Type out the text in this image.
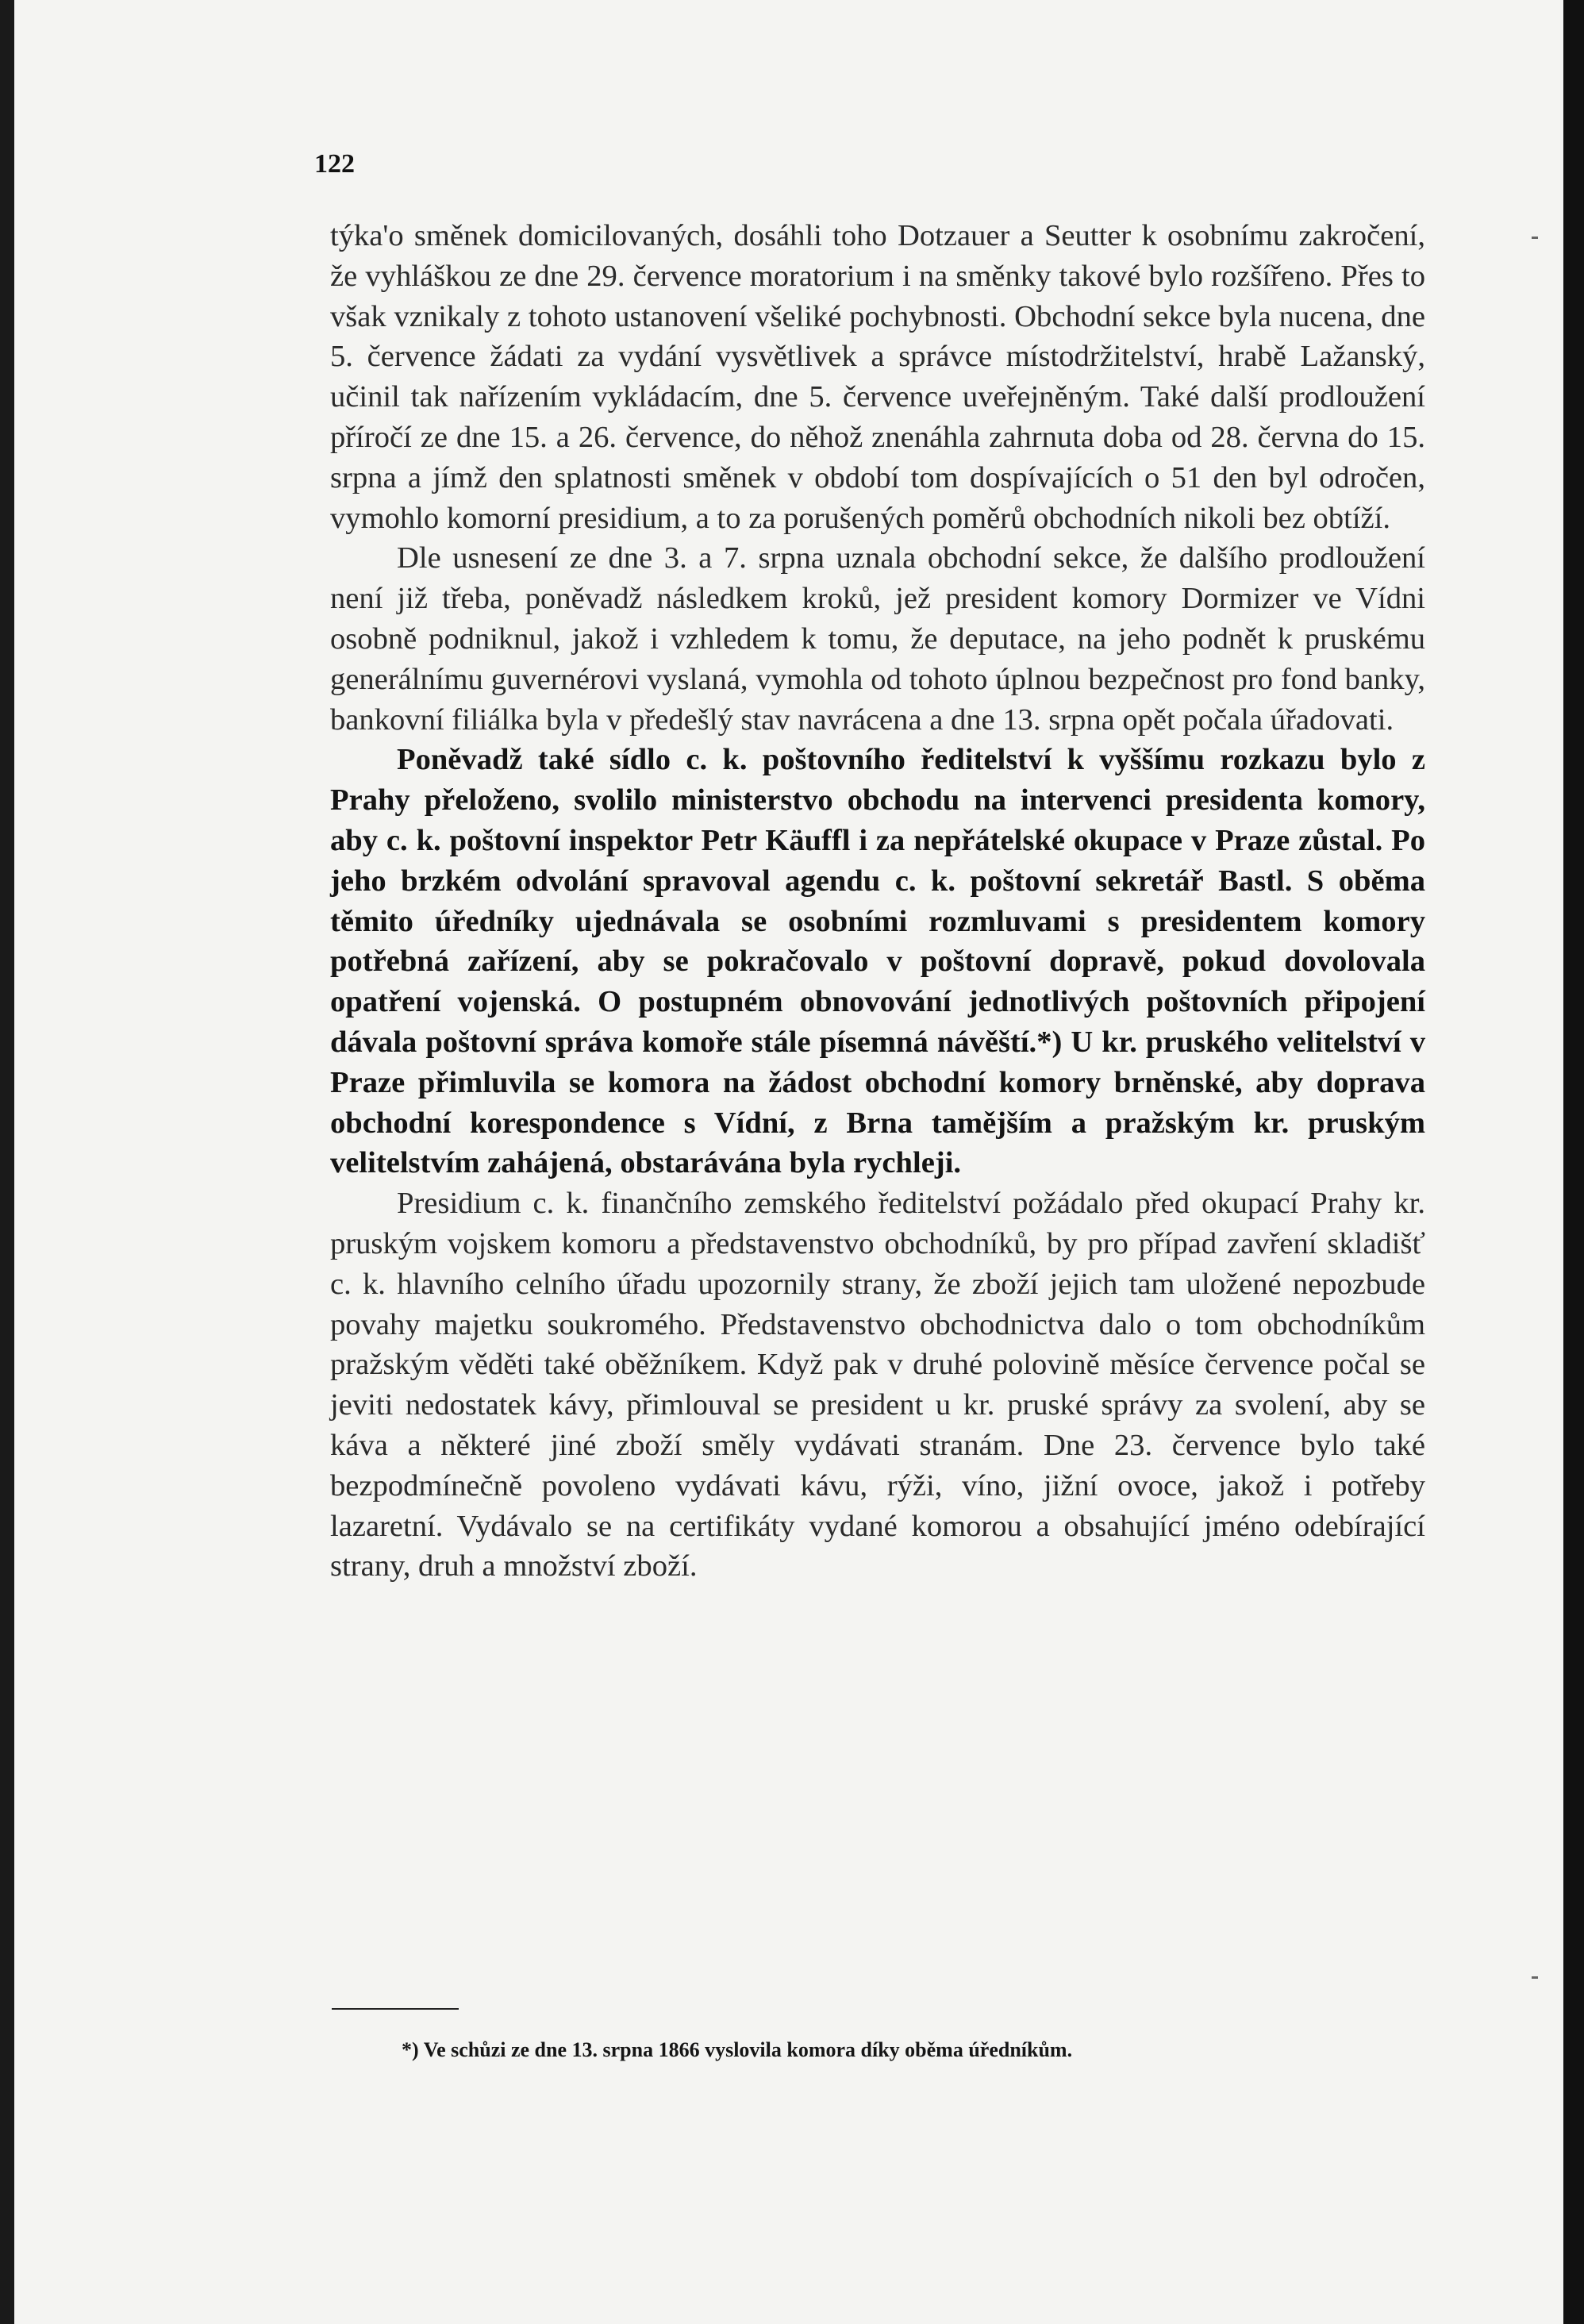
122

týka'o směnek domicilovaných, dosáhli toho Dotzauer a Seutter k osobnímu zakročení, že vyhláškou ze dne 29. července moratorium i na směnky takové bylo rozšířeno. Přes to však vznikaly z tohoto ustanovení všeliké pochybnosti. Obchodní sekce byla nucena, dne 5. července žádati za vydání vysvětlivek a správce místodržitelství, hrabě Lažanský, učinil tak nařízením vykládacím, dne 5. července uveřejněným. Také další prodloužení příročí ze dne 15. a 26. července, do něhož znenáhla zahrnuta doba od 28. června do 15. srpna a jímž den splatnosti směnek v období tom dospívajících o 51 den byl odročen, vymohlo komorní presidium, a to za porušených poměrů obchodních nikoli bez obtíží.

Dle usnesení ze dne 3. a 7. srpna uznala obchodní sekce, že dalšího prodloužení není již třeba, poněvadž následkem kroků, jež president komory Dormizer ve Vídni osobně podniknul, jakož i vzhledem k tomu, že deputace, na jeho podnět k pruskému generálnímu guvernérovi vyslaná, vymohla od tohoto úplnou bezpečnost pro fond banky, bankovní filiálka byla v předešlý stav navrácena a dne 13. srpna opět počala úřadovati.

Poněvadž také sídlo c. k. poštovního ředitelství k vyššímu rozkazu bylo z Prahy přeloženo, svolilo ministerstvo obchodu na intervenci presidenta komory, aby c. k. poštovní inspektor Petr Käuffl i za nepřátelské okupace v Praze zůstal. Po jeho brzkém odvolání spravoval agendu c. k. poštovní sekretář Bastl. S oběma těmito úředníky ujednávala se osobními rozmluvami s presidentem komory potřebná zařízení, aby se pokračovalo v poštovní dopravě, pokud dovolovala opatření vojenská. O postupném obnovování jednotlivých poštovních připojení dávala poštovní správa komoře stále písemná návěští.*) U kr. pruského velitelství v Praze přimluvila se komora na žádost obchodní komory brněnské, aby doprava obchodní korespondence s Vídní, z Brna tamějším a pražským kr. pruským velitelstvím zahájená, obstarávána byla rychleji.

Presidium c. k. finančního zemského ředitelství požádalo před okupací Prahy kr. pruským vojskem komoru a představenstvo obchodníků, by pro případ zavření skladišť c. k. hlavního celního úřadu upozornily strany, že zboží jejich tam uložené nepozbude povahy majetku soukromého. Představenstvo obchodnictva dalo o tom obchodníkům pražským věděti také oběžníkem. Když pak v druhé polovině měsíce července počal se jeviti nedostatek kávy, přimlouval se president u kr. pruské správy za svolení, aby se káva a některé jiné zboží směly vydávati stranám. Dne 23. července bylo také bezpodmínečně povoleno vydávati kávu, rýži, víno, jižní ovoce, jakož i potřeby lazaretní. Vydávalo se na certifikáty vydané komorou a obsahující jméno odebírající strany, druh a množství zboží.

*) Ve schůzi ze dne 13. srpna 1866 vyslovila komora díky oběma úředníkům.
